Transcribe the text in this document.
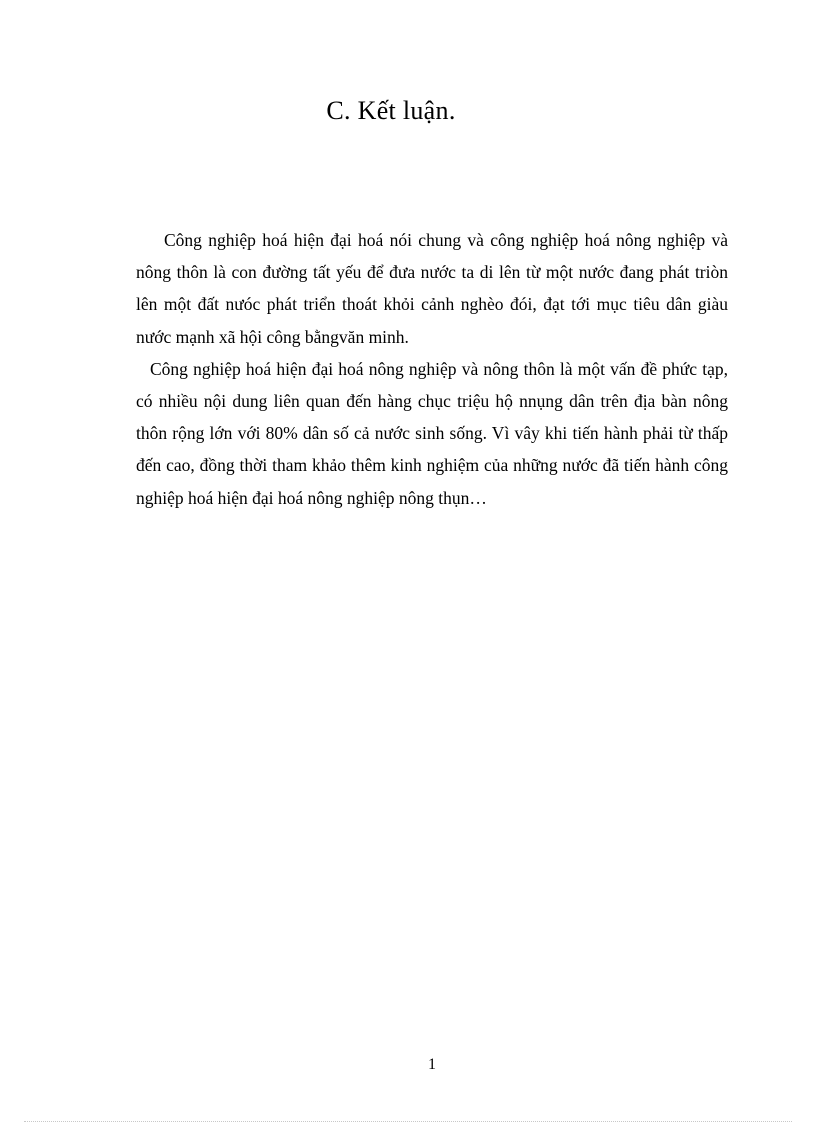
C. Kết luận.

Công nghiệp hoá hiện đại hoá nói chung và công nghiệp hoá nông nghiệp và nông thôn là con đường tất yếu để đưa nước ta di lên từ một nước đang phát triòn lên một đất nưóc phát triển thoát khỏi cảnh nghèo đói, đạt tới mục tiêu dân giàu nước mạnh xã hội công bằngvăn minh.

Công nghiệp hoá hiện đại hoá nông nghiệp và nông thôn là một vấn đề phức tạp, có nhiều nội dung liên quan đến hàng chục triệu hộ nnụng dân trên địa bàn nông thôn rộng lớn với 80% dân số cả nước sinh sống. Vì vây khi tiến hành phải từ thấp đến cao, đồng thời tham khảo thêm kinh nghiệm của những nước đã tiến hành công nghiệp hoá hiện đại hoá nông nghiệp nông thụn…

1
